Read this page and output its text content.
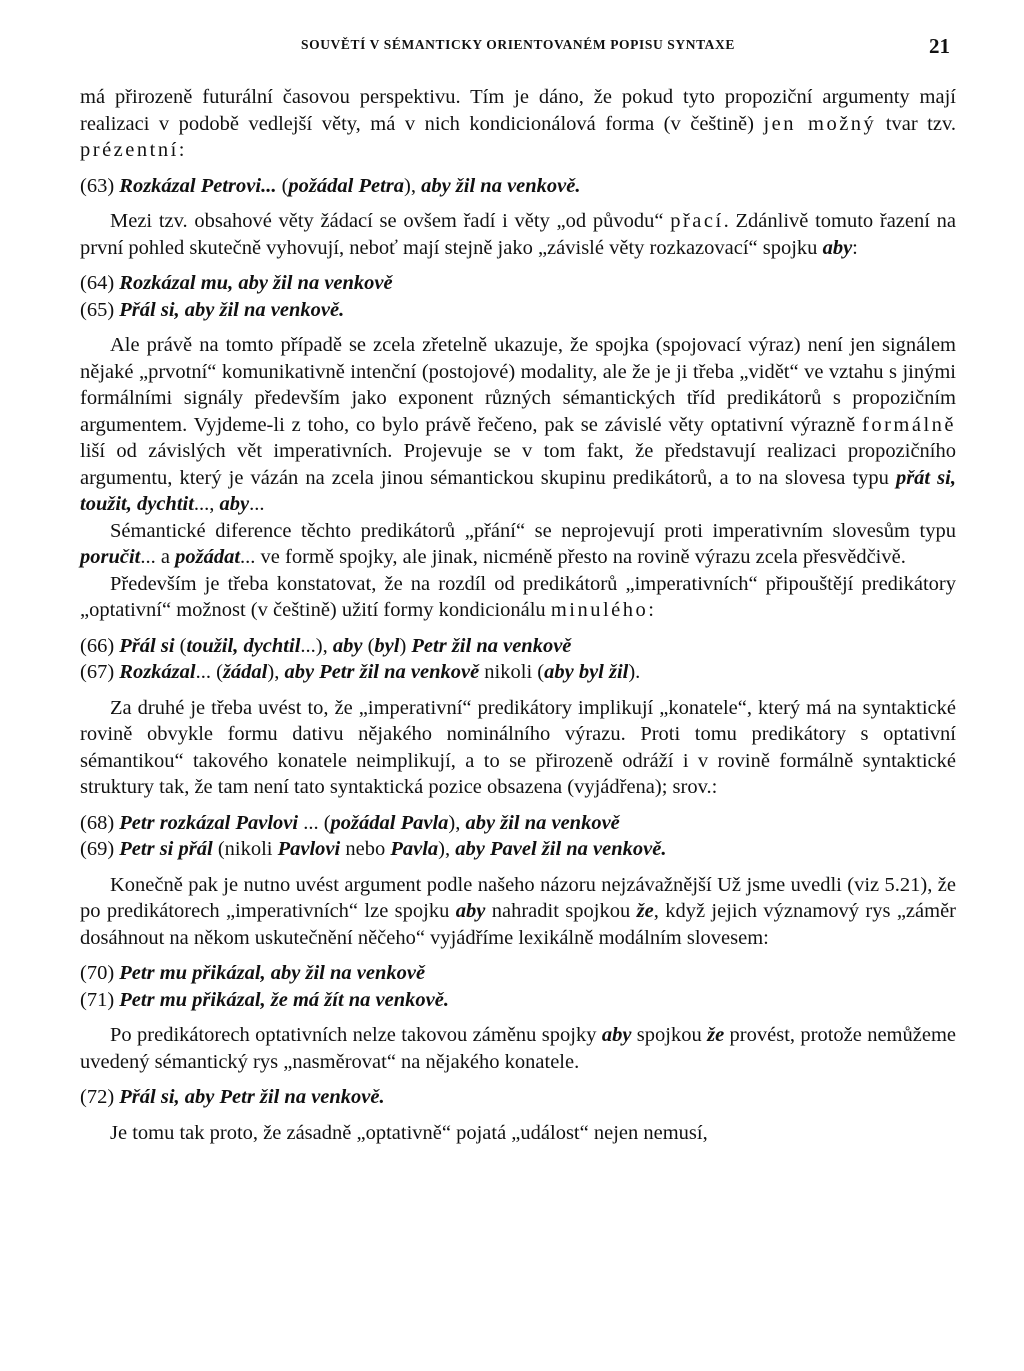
SOUVĚTÍ V SÉMANTICKY ORIENTOVANÉM POPISU SYNTAXE	21

má přirozeně futurální časovou perspektivu. Tím je dáno, že pokud tyto propoziční argumenty mají realizaci v podobě vedlejší věty, má v nich kondicionálová forma (v češtině) jen možný tvar tzv. prézentní:

(63) Rozkázal Petrovi... (požádal Petra), aby žil na venkově.

Mezi tzv. obsahové věty žádací se ovšem řadí i věty „od původu“ přací. Zdánlivě tomuto řazení na první pohled skutečně vyhovují, neboť mají stejně jako „závislé věty rozkazovací“ spojku aby:

(64) Rozkázal mu, aby žil na venkově
(65) Přál si, aby žil na venkově.

Ale právě na tomto případě se zcela zřetelně ukazuje, že spojka (spojovací výraz) není jen signálem nějaké „prvotní“ komunikativně intenční (postojové) modality, ale že je ji třeba „vidět“ ve vztahu s jinými formálními signály především jako exponent různých sémantických tříd predikátorů s propozičním argumentem. Vyjdeme-li z toho, co bylo právě řečeno, pak se závislé věty optativní výrazně formálně liší od závislých vět imperativních. Projevuje se v tom fakt, že představují realizaci propozičního argumentu, který je vázán na zcela jinou sémantickou skupinu predikátorů, a to na slovesa typu přát si, toužit, dychtit..., aby...

Sémantické diference těchto predikátorů „přání“ se neprojevují proti imperativním slovesům typu poručit... a požádat... ve formě spojky, ale jinak, nicméně přesto na rovině výrazu zcela přesvědčivě.

Především je třeba konstatovat, že na rozdíl od predikátorů „imperativních“ připouštějí predikátory „optativní“ možnost (v češtině) užití formy kondicionálu minulého:

(66) Přál si (toužil, dychtil...), aby (byl) Petr žil na venkově
(67) Rozkázal... (žádal), aby Petr žil na venkově nikoli (aby byl žil).

Za druhé je třeba uvést to, že „imperativní“ predikátory implikují „konatele“, který má na syntaktické rovině obvykle formu dativu nějakého nominálního výrazu. Proti tomu predikátory s optativní sémantikou“ takového konatele neimplikují, a to se přirozeně odráží i v rovině formálně syntaktické struktury tak, že tam není tato syntaktická pozice obsazena (vyjádřena); srov.:

(68) Petr rozkázal Pavlovi ... (požádal Pavla), aby žil na venkově
(69) Petr si přál (nikoli Pavlovi nebo Pavla), aby Pavel žil na venkově.

Konečně pak je nutno uvést argument podle našeho názoru nejzávažnější Už jsme uvedli (viz 5.21), že po predikátorech „imperativních“ lze spojku aby nahradit spojkou že, když jejich významový rys „záměr dosáhnout na někom uskutečnění něčeho“ vyjádříme lexikálně modálním slovesem:

(70) Petr mu přikázal, aby žil na venkově
(71) Petr mu přikázal, že má žít na venkově.

Po predikátorech optativních nelze takovou záměnu spojky aby spojkou že provést, protože nemůžeme uvedený sémantický rys „nasměrovat“ na nějakého konatele.

(72) Přál si, aby Petr žil na venkově.

Je tomu tak proto, že zásadně „optativně“ pojatá „událost“ nejen nemusí,
